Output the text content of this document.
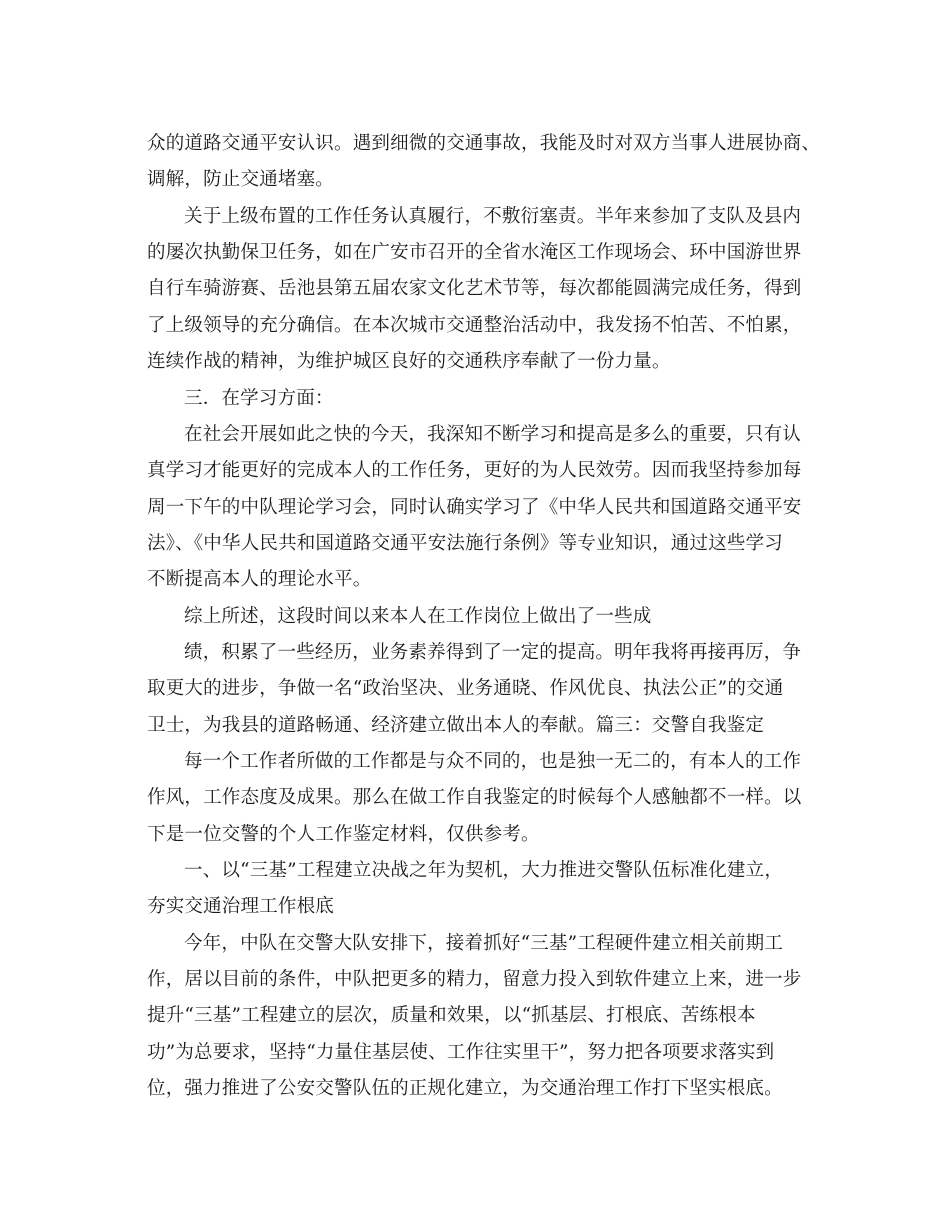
众的道路交通平安认识。遇到细微的交通事故，我能及时对双方当事人进展协商、
调解，防止交通堵塞。
关于上级布置的工作任务认真履行，不敷衍塞责。半年来参加了支队及县内
的屡次执勤保卫任务，如在广安市召开的全省水淹区工作现场会、环中国游世界
自行车骑游赛、岳池县第五届农家文化艺术节等，每次都能圆满完成任务，得到
了上级领导的充分确信。在本次城市交通整治活动中，我发扬不怕苦、不怕累，
连续作战的精神，为维护城区良好的交通秩序奉献了一份力量。
三．在学习方面：
在社会开展如此之快的今天，我深知不断学习和提高是多么的重要，只有认
真学习才能更好的完成本人的工作任务，更好的为人民效劳。因而我坚持参加每
周一下午的中队理论学习会，同时认确实学习了《中华人民共和国道路交通平安
法》、《中华人民共和国道路交通平安法施行条例》等专业知识，通过这些学习
不断提高本人的理论水平。
综上所述，这段时间以来本人在工作岗位上做出了一些成
绩，积累了一些经历，业务素养得到了一定的提高。明年我将再接再厉，争
取更大的进步，争做一名“政治坚决、业务通晓、作风优良、执法公正”的交通
卫士，为我县的道路畅通、经济建立做出本人的奉献。篇三：交警自我鉴定
每一个工作者所做的工作都是与众不同的，也是独一无二的，有本人的工作
作风，工作态度及成果。那么在做工作自我鉴定的时候每个人感触都不一样。以
下是一位交警的个人工作鉴定材料，仅供参考。
一、以“三基”工程建立决战之年为契机，大力推进交警队伍标准化建立，
夯实交通治理工作根底
今年，中队在交警大队安排下，接着抓好“三基”工程硬件建立相关前期工
作，居以目前的条件，中队把更多的精力，留意力投入到软件建立上来，进一步
提升“三基”工程建立的层次，质量和效果，以“抓基层、打根底、苦练根本
功”为总要求，坚持“力量住基层使、工作往实里干”，努力把各项要求落实到
位，强力推进了公安交警队伍的正规化建立，为交通治理工作打下坚实根底。
